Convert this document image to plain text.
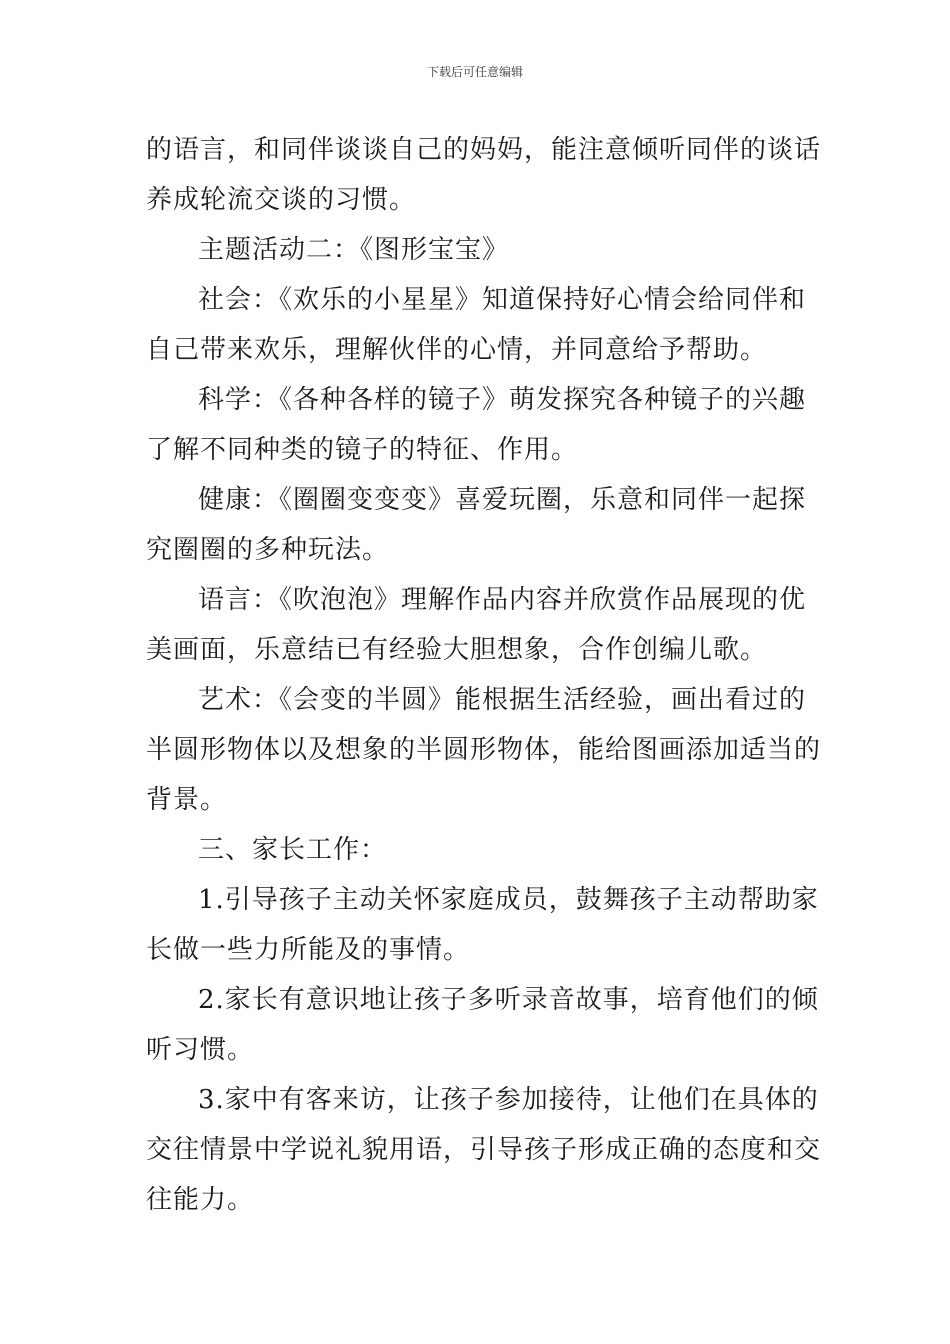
下载后可任意编辑

的语言，和同伴谈谈自己的妈妈，能注意倾听同伴的谈话

养成轮流交谈的习惯。

主题活动二：《图形宝宝》

社会：《欢乐的小星星》知道保持好心情会给同伴和

自己带来欢乐，理解伙伴的心情，并同意给予帮助。

科学：《各种各样的镜子》萌发探究各种镜子的兴趣

了解不同种类的镜子的特征、作用。

健康：《圈圈变变变》喜爱玩圈，乐意和同伴一起探

究圈圈的多种玩法。

语言：《吹泡泡》理解作品内容并欣赏作品展现的优

美画面，乐意结已有经验大胆想象，合作创编儿歌。

艺术：《会变的半圆》能根据生活经验，画出看过的

半圆形物体以及想象的半圆形物体，能给图画添加适当的

背景。

三、家长工作：

1.引导孩子主动关怀家庭成员，鼓舞孩子主动帮助家

长做一些力所能及的事情。

2.家长有意识地让孩子多听录音故事，培育他们的倾

听习惯。

3.家中有客来访，让孩子参加接待，让他们在具体的

交往情景中学说礼貌用语，引导孩子形成正确的态度和交

往能力。
